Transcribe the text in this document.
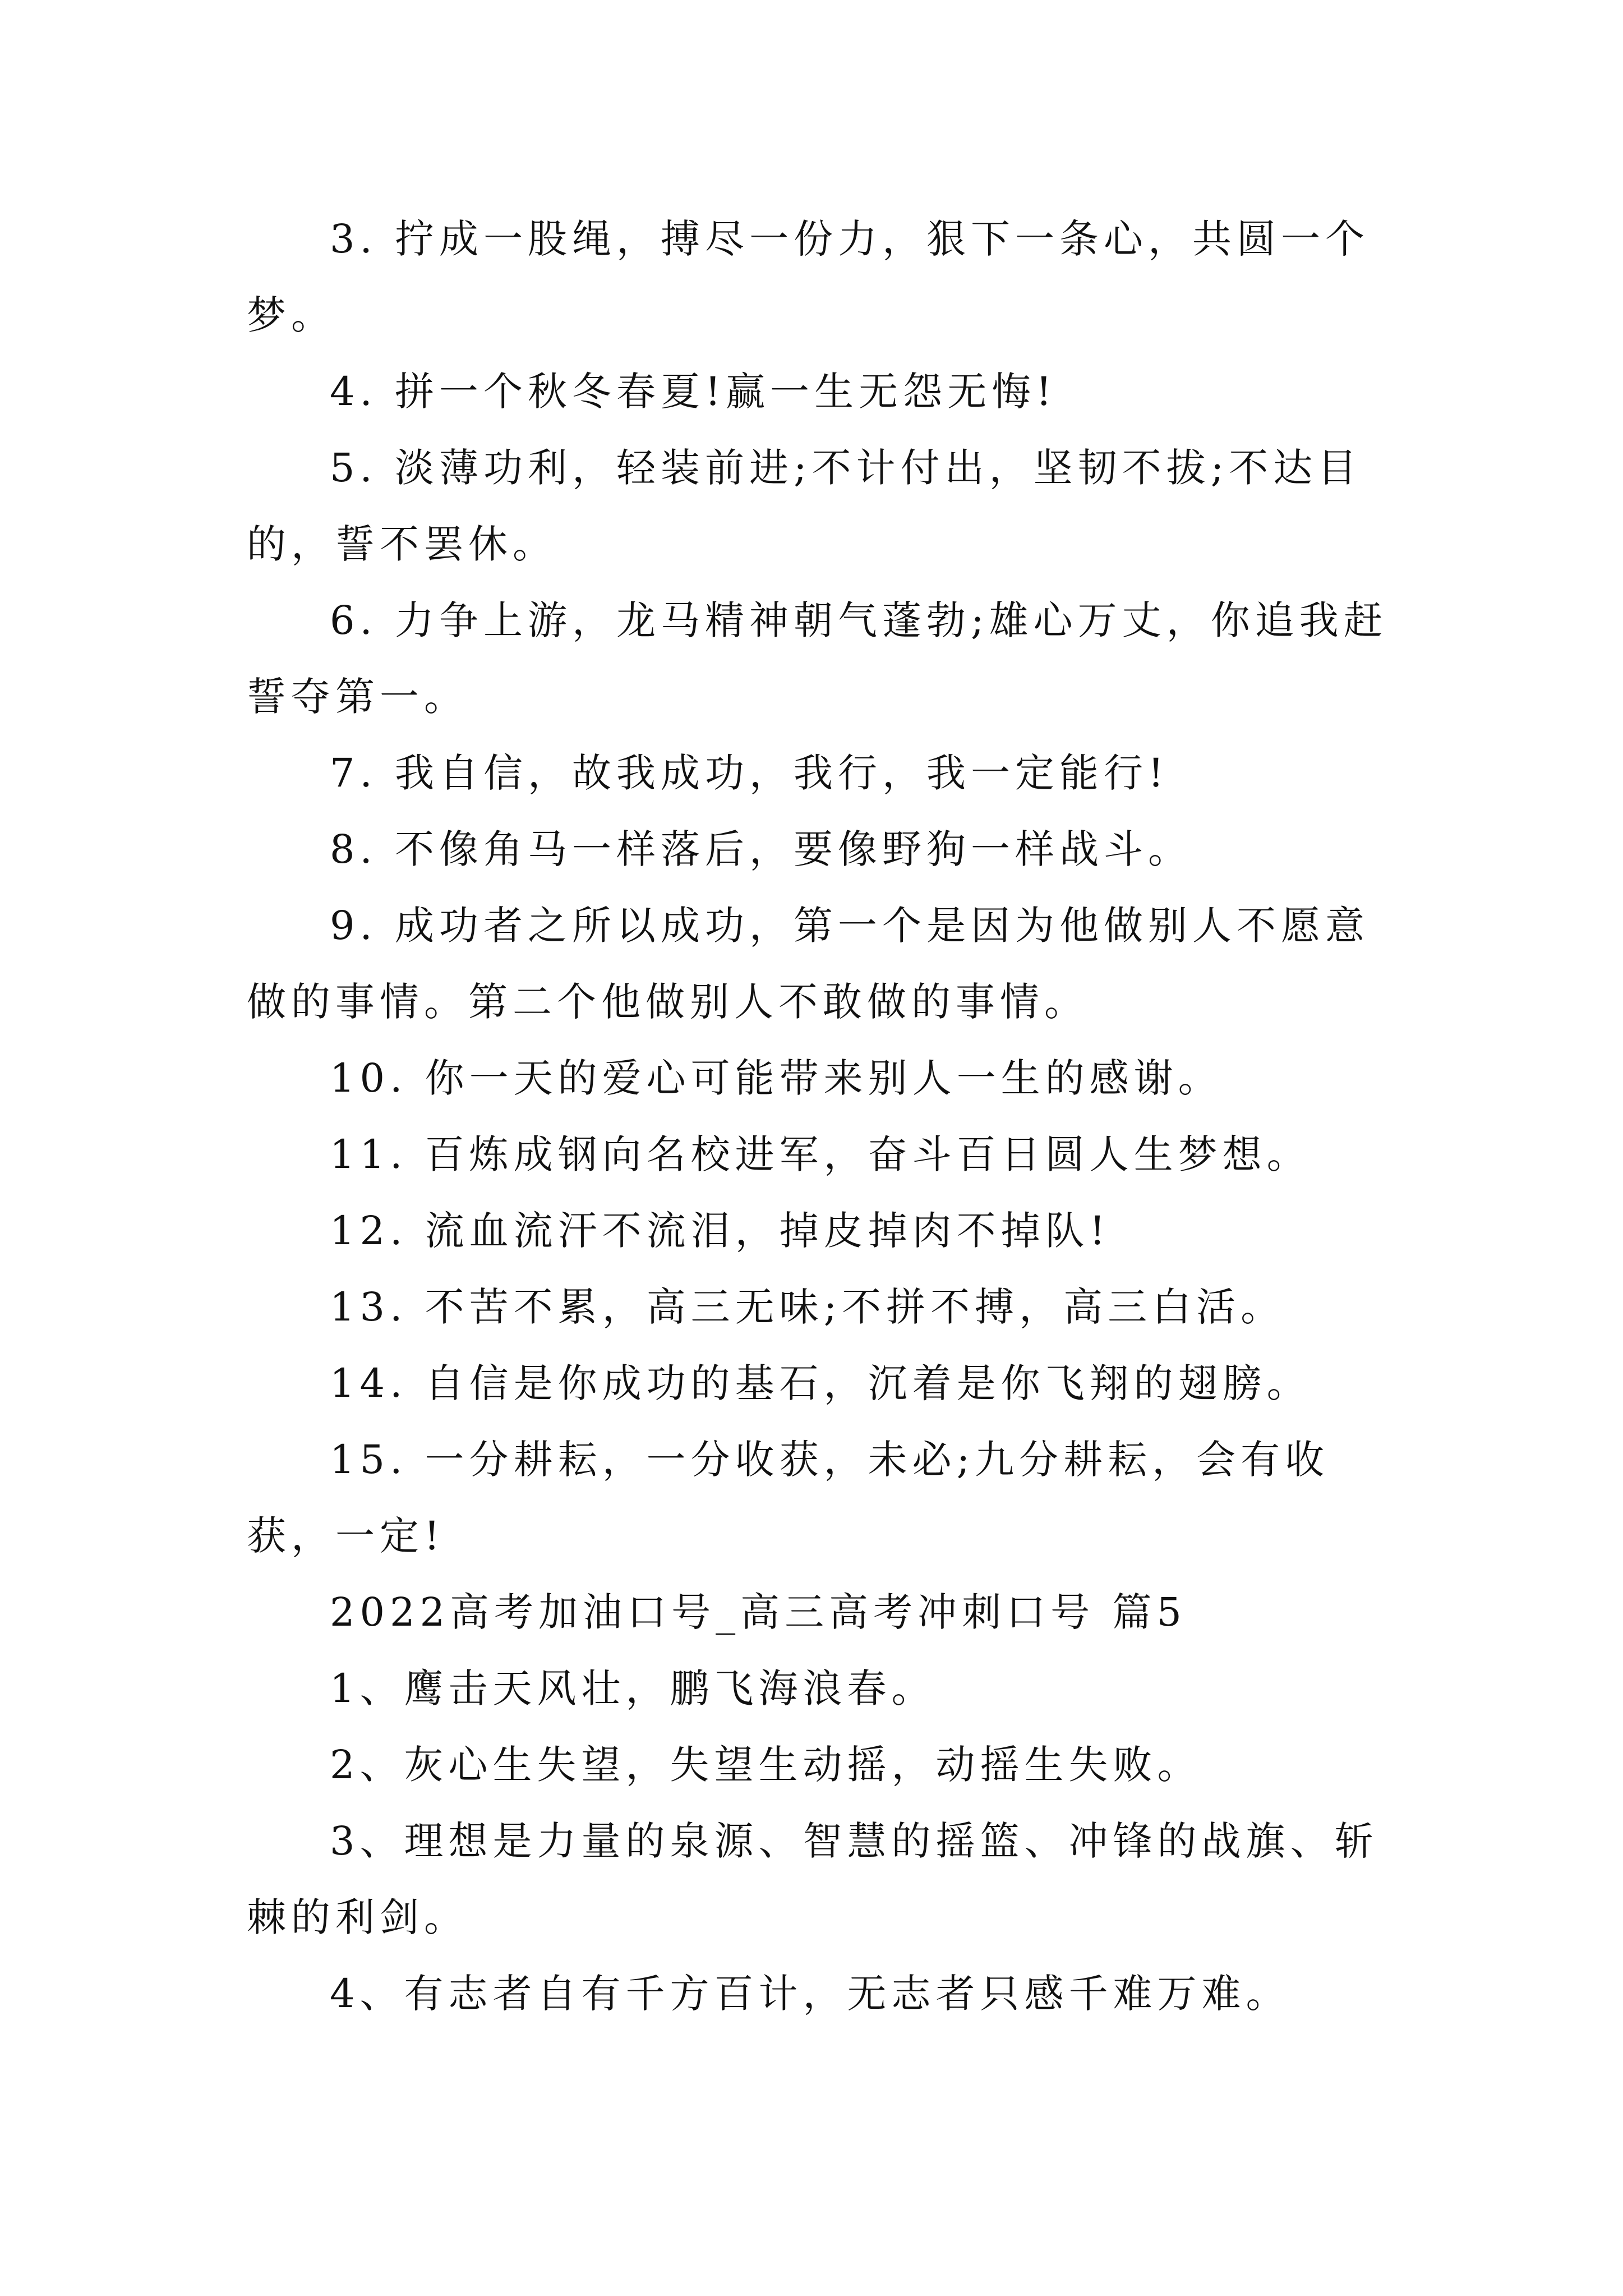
3. 拧成一股绳，搏尽一份力，狠下一条心，共圆一个梦。

4. 拼一个秋冬春夏!赢一生无怨无悔!

5. 淡薄功利，轻装前进;不计付出，坚韧不拔;不达目的，誓不罢休。

6. 力争上游，龙马精神朝气蓬勃;雄心万丈，你追我赶誓夺第一。

7. 我自信，故我成功，我行，我一定能行!

8. 不像角马一样落后，要像野狗一样战斗。

9. 成功者之所以成功，第一个是因为他做别人不愿意做的事情。第二个他做别人不敢做的事情。

10. 你一天的爱心可能带来别人一生的感谢。

11. 百炼成钢向名校进军，奋斗百日圆人生梦想。

12. 流血流汗不流泪，掉皮掉肉不掉队!

13. 不苦不累，高三无味;不拼不搏，高三白活。

14. 自信是你成功的基石，沉着是你飞翔的翅膀。

15. 一分耕耘，一分收获，未必;九分耕耘，会有收获，一定!

2022高考加油口号_高三高考冲刺口号 篇5

1、鹰击天风壮，鹏飞海浪春。

2、灰心生失望，失望生动摇，动摇生失败。

3、理想是力量的泉源、智慧的摇篮、冲锋的战旗、斩棘的利剑。

4、有志者自有千方百计，无志者只感千难万难。
